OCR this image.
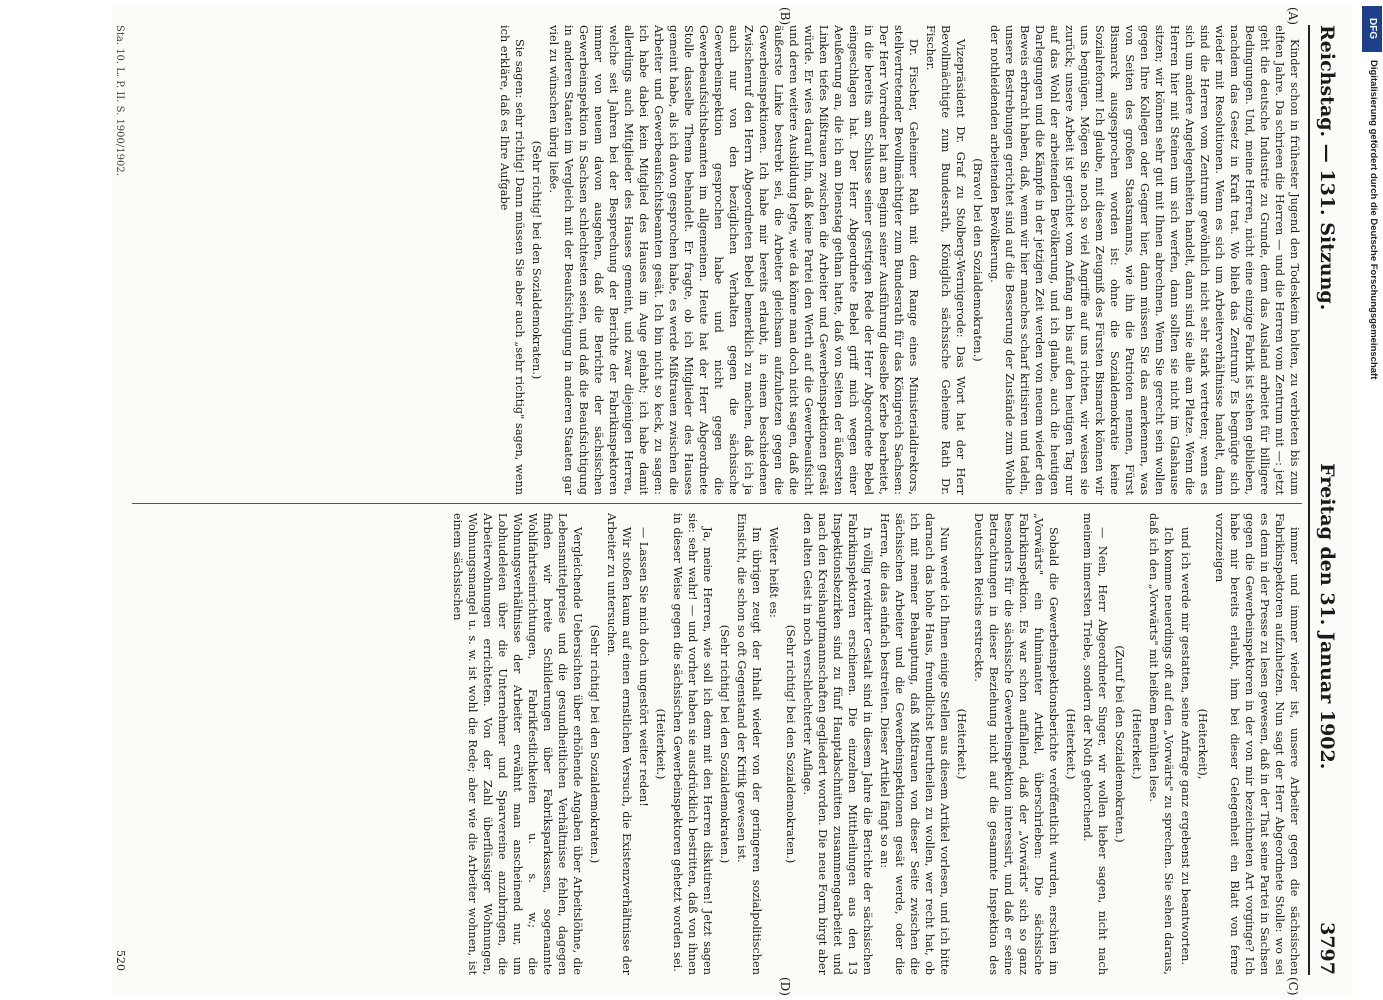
Reichstag. — 131. Sitzung.
Freitag den 31. Januar 1902.
3797
(A)
(B)
(C)
(D)

Kinder schon in frühester Jugend den Todeskeim holten, zu verbieten bis zum elften Jahre. Da schrieen die Herren — und die Herren vom Zentrum mit —: jetzt geht die deutsche Industrie zu Grunde, denn das Ausland arbeitet für billigere Bedingungen. Und, meine Herren, nicht eine einzige Fabrik ist stehen geblieben, nachdem das Gesetz in Kraft trat. Wo blieb das Zentrum? Es begnügte sich wieder mit Resolutionen. Wenn es sich um Arbeiterverhältnisse handelt, dann sind die Herren vom Zentrum gewöhnlich nicht sehr stark vertreten; wenn es sich um andere Angelegenheiten handelt, dann sind sie alle am Platze. Wenn die Herren hier mit Steinen um sich werfen, dann sollten sie nicht im Glashause sitzen; wir können sehr gut mit Ihnen abrechnen. Wenn Sie gerecht sein wollen gegen Ihre Kollegen oder Gegner hier, dann müssen Sie das anerkennen, was von Seiten des großen Staatsmanns, wie ihn die Patrioten nennen, Fürst Bismarck ausgesprochen worden ist: ohne die Sozialdemokratie keine Sozialreform! Ich glaube, mit diesem Zeugniß des Fürsten Bismarck können wir uns begnügen. Mögen Sie noch so viel Angriffe auf uns richten, wir weisen sie zurück; unsere Arbeit ist gerichtet vom Anfang an bis auf den heutigen Tag nur auf das Wohl der arbeitenden Bevölkerung, und ich glaube, auch die heutigen Darlegungen und die Kämpfe in der jetzigen Zeit werden von neuem wieder den Beweis erbracht haben, daß, wenn wir hier manches scharf kritisiren und tadeln, unsere Bestrebungen gerichtet sind auf die Besserung der Zustände zum Wohle der nothleidenden arbeitenden Bevölkerung.

(Bravo! bei den Sozialdemokraten.)

Vizepräsident Dr. Graf zu Stolberg-Wernigerode: Das Wort hat der Herr Bevollmächtigte zum Bundesrath, Königlich sächsische Geheime Rath Dr. Fischer.

Dr. Fischer, Geheimer Rath mit dem Range eines Ministerialdirektors, stellvertretender Bevollmächtigter zum Bundesrath für das Königreich Sachsen: Der Herr Vorredner hat am Beginn seiner Ausführung dieselbe Kerbe bearbeitet, in die bereits am Schlusse seiner gestrigen Rede der Herr Abgeordnete Bebel eingeschlagen hat. Der Herr Abgeordnete Bebel griff mich wegen einer Aeußerung an, die ich am Dienstag gethan hatte, daß von Seiten der äußersten Linken tiefes Mißtrauen zwischen die Arbeiter und Gewerbeinspektionen gesät würde. Er wies darauf hin, daß keine Partei den Werth auf die Gewerbeaufsicht und deren weitere Ausbildung legte, wie da könne man doch nicht sagen, daß die äußerste Linke bestrebt sei, die Arbeiter gleichsam aufzuhetzen gegen die Gewerbeinspektionen. Ich habe mir bereits erlaubt, in einem beschiedenen Zwischenruf den Herrn Abgeordneten Bebel bemerklich zu machen, daß ich ja auch nur von den bezüglichen Verhalten gegen die sächsische Gewerbeinspektion gesprochen habe und nicht gegen die Gewerbeaufsichtsbeamten im allgemeinen. Heute hat der Herr Abgeordnete Stolle dasselbe Thema behandelt. Er fragte, ob ich Mitglieder des Hauses gemeint habe, als ich davon gesprochen habe, es werde Mißtrauen zwischen die Arbeiter und Gewerbeaufsichtsbeamten gesät. Ich bin nicht so keck, zu sagen: ich habe dabei kein Mitglied des Hauses im Auge gehabt; ich habe damit allerdings auch Mitglieder des Hauses gemeint, und zwar diejenigen Herren, welche seit Jahren bei der Besprechung der Berichte der Fabrikinspektoren immer von neuem davon ausgehen, daß die Berichte der sächsischen Gewerbeinspektion in Sachsen schlechtesten seien, und daß die Beaufsichtigung in anderen Staaten im Vergleich mit der Beaufsichtigung in anderen Staaten gar viel zu wünschen übrig ließe.

(Sehr richtig! bei den Sozialdemokraten.)

Sie sagen: sehr richtig! Dann müssen Sie aber auch „sehr richtig" sagen, wenn ich erkläre, daß es Ihre Aufgabe

immer und immer wieder ist, unsere Arbeiter gegen die sächsischen Fabrikinspektoren aufzuhetzen. Nun sagt der Herr Abgeordnete Stolle: wo sei es denn in der Presse zu lesen gewesen, daß in der That seine Partei in Sachsen gegen die Gewerbeinspektoren in der von mir bezeichneten Art vorginge? Ich habe mir bereits erlaubt, ihm bei dieser Gelegenheit ein Blatt von ferne vorzuzeigen

(Heiterkeit),

und ich werde mir gestatten, seine Anfrage ganz ergebenst zu beantworten.

Ich komme neuerdings oft auf den „Vorwärts" zu sprechen. Sie sehen daraus, daß ich den „Vorwärts" mit heißem Bemühen lese.

(Heiterkeit.)

(Zuruf bei den Sozialdemokraten.)

— Nein, Herr Abgeordneter Singer, wir wollen lieber sagen, nicht nach meinem innersten Triebe, sondern der Noth gehorchend.

(Heiterkeit.)

Sobald die Gewerbeinspektionsberichte veröffentlicht wurden, erschien im „Vorwärts" ein fulminanter Artikel, überschrieben: Die sächsische Fabrikinspektion. Es war schon auffallend, daß der „Vorwärts" sich so ganz besonders für die sächsische Gewerbeinspektion interessirt, und daß er seine Betrachtungen in dieser Beziehung nicht auf die gesammte Inspektion des Deutschen Reichs erstreckte.

(Heiterkeit.)

Nun werde ich Ihnen einige Stellen aus diesem Artikel vorlesen, und ich bitte darnach das hohe Haus, freundlichst beurtheilen zu wollen, wer recht hat, ob ich mit meiner Behauptung, daß Mißtrauen von dieser Seite zwischen die sächsischen Arbeiter und die Gewerbeinspektionen gesät werde, oder die Herren, die das einfach bestreiten. Dieser Artikel fängt so an:

In völlig revidirter Gestalt sind in diesem Jahre die Berichte der sächsischen Fabrikinspektoren erschienen. Die einzelnen Mittheilungen aus den 13 Inspektionsbezirken sind zu fünf Hauptabschnitten zusammengearbeitet und nach den Kreishauptmannschaften gegliedert worden. Die neue Form birgt aber den alten Geist in noch verschlechterter Auflage.

(Sehr richtig! bei den Sozialdemokraten.)

Weiter heißt es:

Im übrigen zeugt der Inhalt wieder von der geringeren sozialpolitischen Einsicht, die schon so oft Gegenstand der Kritik gewesen ist.

(Sehr richtig! bei den Sozialdemokraten.)

Ja, meine Herren, wie soll ich denn mit den Herren diskutiren! Jetzt sagen sie: sehr wahr! — und vorher haben sie ausdrücklich bestritten, daß von ihnen in dieser Weise gegen die sächsischen Gewerbeinspektoren gehetzt worden sei.

(Heiterkeit.)

— Lassen Sie mich doch ungestört weiter reden!

Wir stoßen kaum auf einen ernstlichen Versuch, die Existenzverhältnisse der Arbeiter zu untersuchen.

(Sehr richtig! bei den Sozialdemokraten.)

Vergleichende Uebersichten über erhöhende Angaben über Arbeitslöhne, die Lebensmittelpreise und die gesundheitlichen Verhältnisse fehlen, dagegen finden wir breite Schilderungen über Fabriksparkassen, sogenannte Wohlfahrtseinrichtungen, Fabrikfestlichkeiten u. s. w.; die Wohnungsverhältnisse der Arbeiter erwähnt man anscheinend nur, um Lobhudeleien über die Unternehmer und Sparvereine anzubringen, die Arbeiterwohnungen errichteten. Von der Zahl überflüssiger Wohnungen, Wohnungsmangel u. s. w. ist wohl die Rede; aber wie die Arbeiter wohnen, ist einem sächsischen

Sta. 10. L. P. II. S. 1900/1902.
520
DFG
Digitalisierung gefördert durch die Deutsche Forschungsgemeinschaft
